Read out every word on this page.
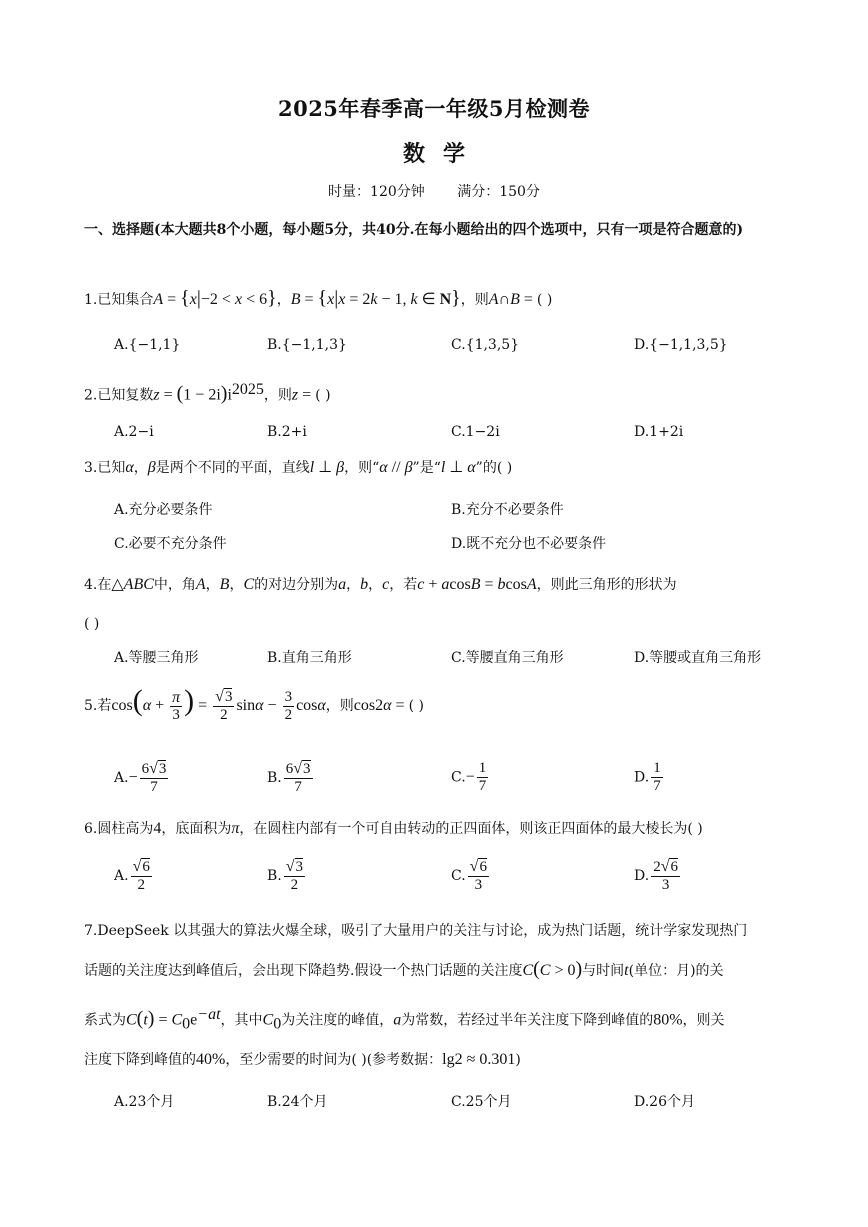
2025年春季高一年级5月检测卷
数学
时量：120分钟 满分：150分
一、选择题(本大题共8个小题，每小题5分，共40分.在每小题给出的四个选项中，只有一项是符合题意的)
1.已知集合A = {x|−2 < x < 6}，B = {x|x = 2k − 1, k ∈ N}，则A∩B = ( )
A.{−1,1}	B.{−1,1,3}	C.{1,3,5}	D.{−1,1,3,5}
2.已知复数$z = (1 - 2i)i^{2025}$，则z = ( )
A.2−i	B.2+i	C.1−2i	D.1+2i
3.已知α，β是两个不同的平面，直线l ⊥ β，则“α // β”是“l ⊥ α”的( )
A.充分必要条件	B.充分不必要条件
C.必要不充分条件	D.既不充分也不必要条件
4.在△ABC中，角A，B，C的对边分别为a，b，c，若c + acosB = bcosA，则此三角形的形状为
( )
A.等腰三角形	B.直角三角形	C.等腰直角三角形	D.等腰或直角三角形
5.若$\cos(\alpha + \frac{\pi}{3}$ ) = $\frac{√3}{2}$ $\sin\alpha - \frac{3}{2}$ cosα，则cos2α = ( )
$A.- \frac{6√3}{7}$	B. $\frac{6√3}{7}$	$C.- \frac{1}{7}$	D. $\frac{1}{7}$
6.圆柱高为4，底面积为π，在圆柱内部有一个可自由转动的正四面体，则该正四面体的最大棱长为( )
A. $\frac{√6}{2}$	B. $\frac{√3}{2}$	C. $\frac{√6}{3}$	D. $\frac{2√6}{3}$
7.DeepSeek 以其强大的算法火爆全球，吸引了大量用户的关注与讨论，成为热门话题，统计学家发现热门
话题的关注度达到峰值后，会出现下降趋势.假设一个热门话题的关注度C(C > 0)与时间t(单位：月)的关
系式为$C(t) = C_0e^{-at}$，其中$C_0$为关注度的峰值，a为常数，若经过半年关注度下降到峰值的80%，则关
注度下降到峰值的40%，至少需要的时间为( )(参考数据：lg2 ≈ 0.301)
A.23个月	B.24个月	C.25个月	D.26个月
